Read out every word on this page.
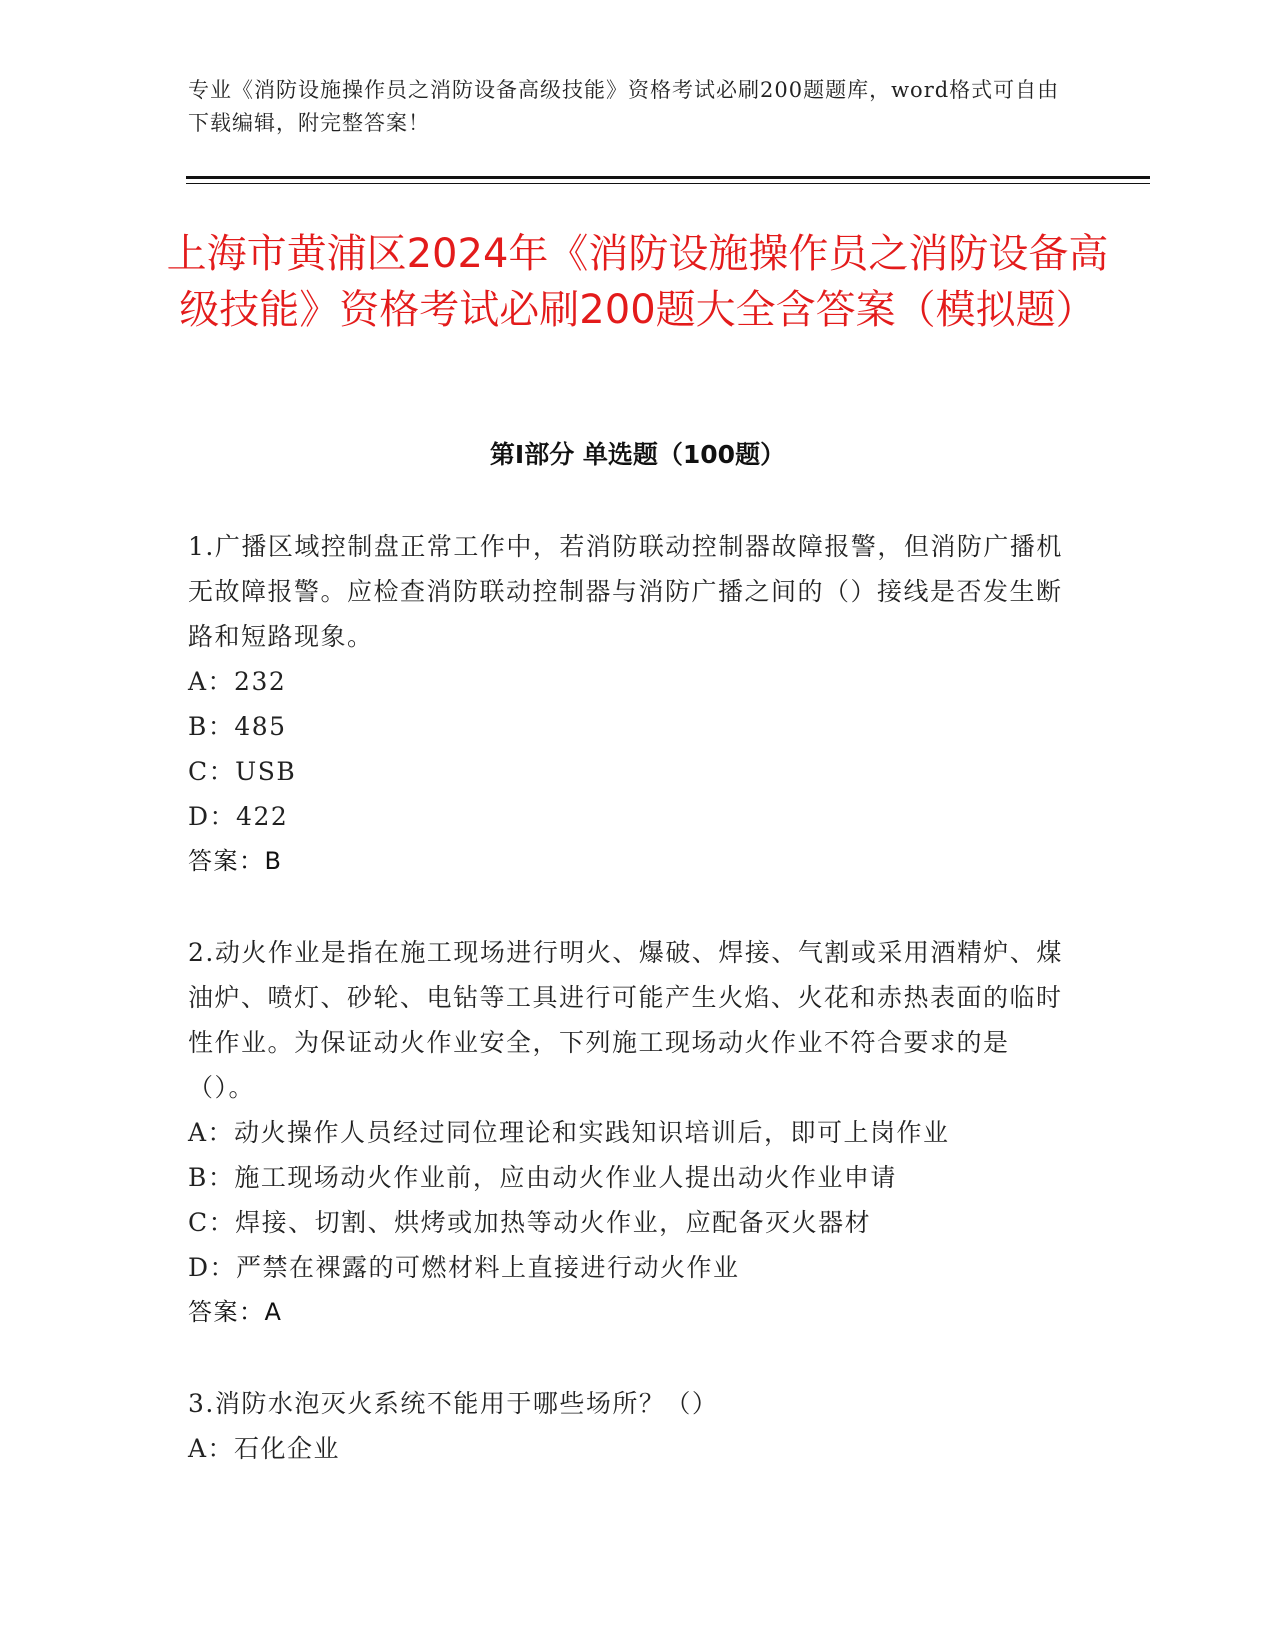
专业《消防设施操作员之消防设备高级技能》资格考试必刷200题题库，word格式可自由下载编辑，附完整答案！
上海市黄浦区2024年《消防设施操作员之消防设备高级技能》资格考试必刷200题大全含答案（模拟题）
第Ⅰ部分 单选题（100题）

1.广播区域控制盘正常工作中，若消防联动控制器故障报警，但消防广播机无故障报警。应检查消防联动控制器与消防广播之间的（）接线是否发生断路和短路现象。

A：232

B：485

C：USB

D：422

答案：B

2.动火作业是指在施工现场进行明火、爆破、焊接、气割或采用酒精炉、煤油炉、喷灯、砂轮、电钻等工具进行可能产生火焰、火花和赤热表面的临时性作业。为保证动火作业安全，下列施工现场动火作业不符合要求的是（）。

A：动火操作人员经过同位理论和实践知识培训后，即可上岗作业

B：施工现场动火作业前，应由动火作业人提出动火作业申请

C：焊接、切割、烘烤或加热等动火作业，应配备灭火器材

D：严禁在裸露的可燃材料上直接进行动火作业

答案：A

3.消防水泡灭火系统不能用于哪些场所？（）

A：石化企业
